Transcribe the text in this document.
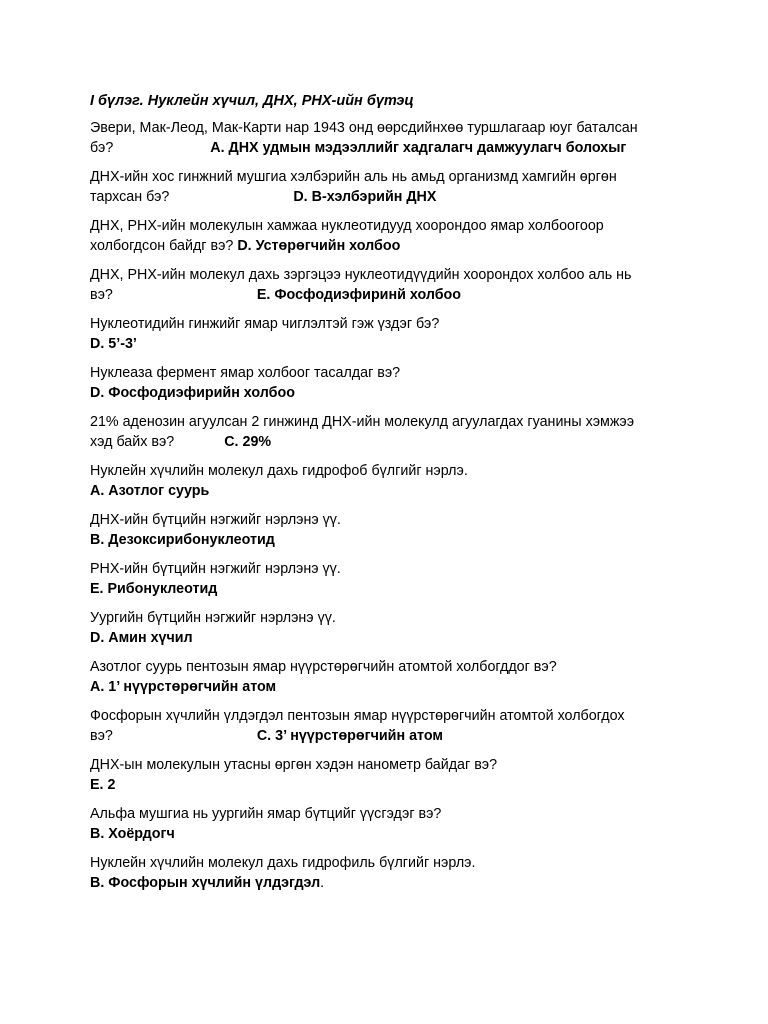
I бүлэг. Нуклейн хүчил, ДНХ, РНХ-ийн бүтэц
Эвери, Мак-Леод, Мак-Карти нар 1943 онд өөрсдийнхөө туршлагаар юуг баталсан
бэ?	A. ДНХ удмын мэдээллийг хадгалагч дамжуулагч болохыг
ДНХ-ийн хос гинжний мушгиа хэлбэрийн аль нь амьд организмд хамгийн өргөн
тархсан бэ?	D. В-хэлбэрийн ДНХ
ДНХ, РНХ-ийн молекулын хамжаа нуклеотидууд хоорондоо ямар холбоогоор
холбогдсон байдг вэ? D. Устөрөгчийн холбоо
ДНХ, РНХ-ийн молекул дахь зэргэцээ нуклеотидүүдийн хоорондох холбоо аль нь
вэ?	E. Фосфодиэфиринй холбоо
Нуклеотидийн гинжийг ямар чиглэлтэй гэж үздэг бэ?
D. 5’-3’
Нуклеаза фермент ямар холбоог тасалдаг вэ?
D. Фосфодиэфирийн холбоо
21% аденозин агуулсан 2 гинжинд ДНХ-ийн молекулд агуулагдах гуанины хэмжээ
хэд байх вэ?	C. 29%
Нуклейн хүчлийн молекул дахь гидрофоб бүлгийг нэрлэ.
A. Азотлог суурь
ДНХ-ийн бүтцийн нэгжийг нэрлэнэ үү.
B. Дезоксирибонуклеотид
РНХ-ийн бүтцийн нэгжийг нэрлэнэ үү.
E. Рибонуклеотид
Уургийн бүтцийн нэгжийг нэрлэнэ үү.
D. Амин хүчил
Азотлог суурь пентозын ямар нүүрстөрөгчийн атомтой холбогддог вэ?
A. 1’ нүүрстөрөгчийн атом
Фосфорын хүчлийн үлдэгдэл пентозын ямар нүүрстөрөгчийн атомтой холбогдох
вэ?	C. 3’ нүүрстөрөгчийн атом
ДНХ-ын молекулын утасны өргөн хэдэн нанометр байдаг вэ?
E. 2
Альфа мушгиа нь уургийн ямар бүтцийг үүсгэдэг вэ?
B. Хоёрдогч
Нуклейн хүчлийн молекул дахь гидрофиль бүлгийг нэрлэ.
B. Фосфорын хүчлийн үлдэгдэл.
